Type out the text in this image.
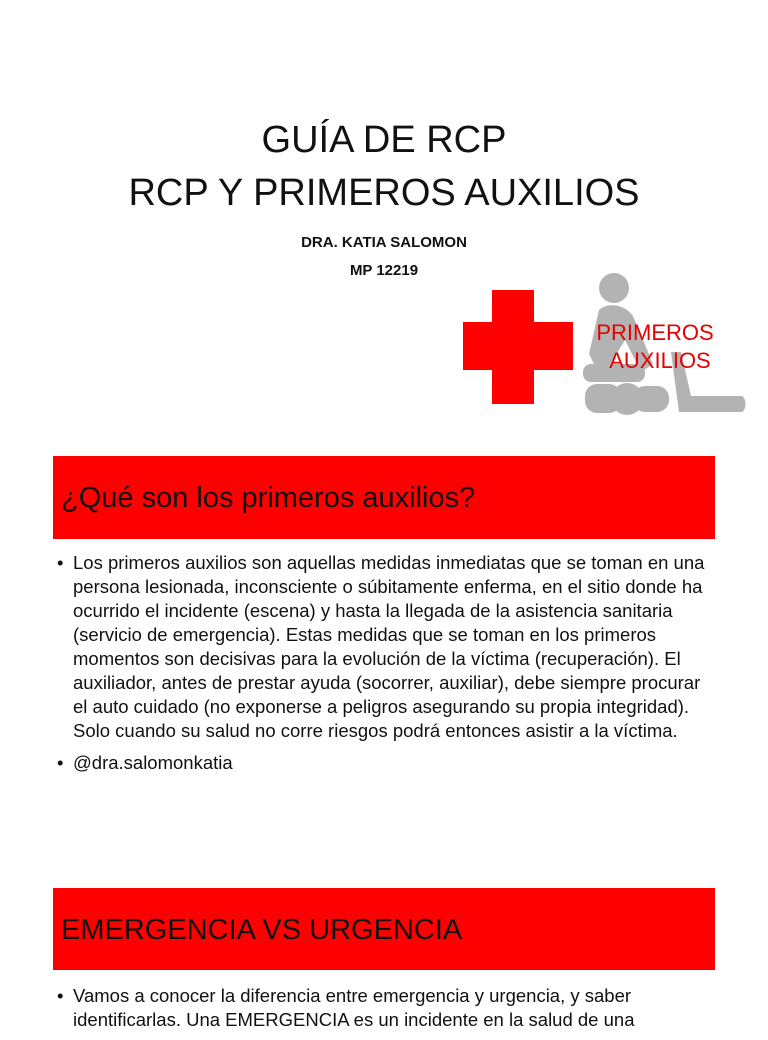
GUÍA DE RCP
RCP Y PRIMEROS AUXILIOS
DRA. KATIA SALOMON
MP 12219
PRIMEROS
AUXILIOS
¿Qué son los primeros auxilios?
• Los primeros auxilios son aquellas medidas inmediatas que se toman en una persona lesionada, inconsciente o súbitamente enferma, en el sitio donde ha ocurrido el incidente (escena) y hasta la llegada de la asistencia sanitaria (servicio de emergencia). Estas medidas que se toman en los primeros momentos son decisivas para la evolución de la víctima (recuperación). El auxiliador, antes de prestar ayuda (socorrer, auxiliar), debe siempre procurar el auto cuidado (no exponerse a peligros asegurando su propia integridad). Solo cuando su salud no corre riesgos podrá entonces asistir a la víctima.
• @dra.salomonkatia
EMERGENCIA VS URGENCIA
• Vamos a conocer la diferencia entre emergencia y urgencia, y saber identificarlas. Una EMERGENCIA es un incidente en la salud de una
